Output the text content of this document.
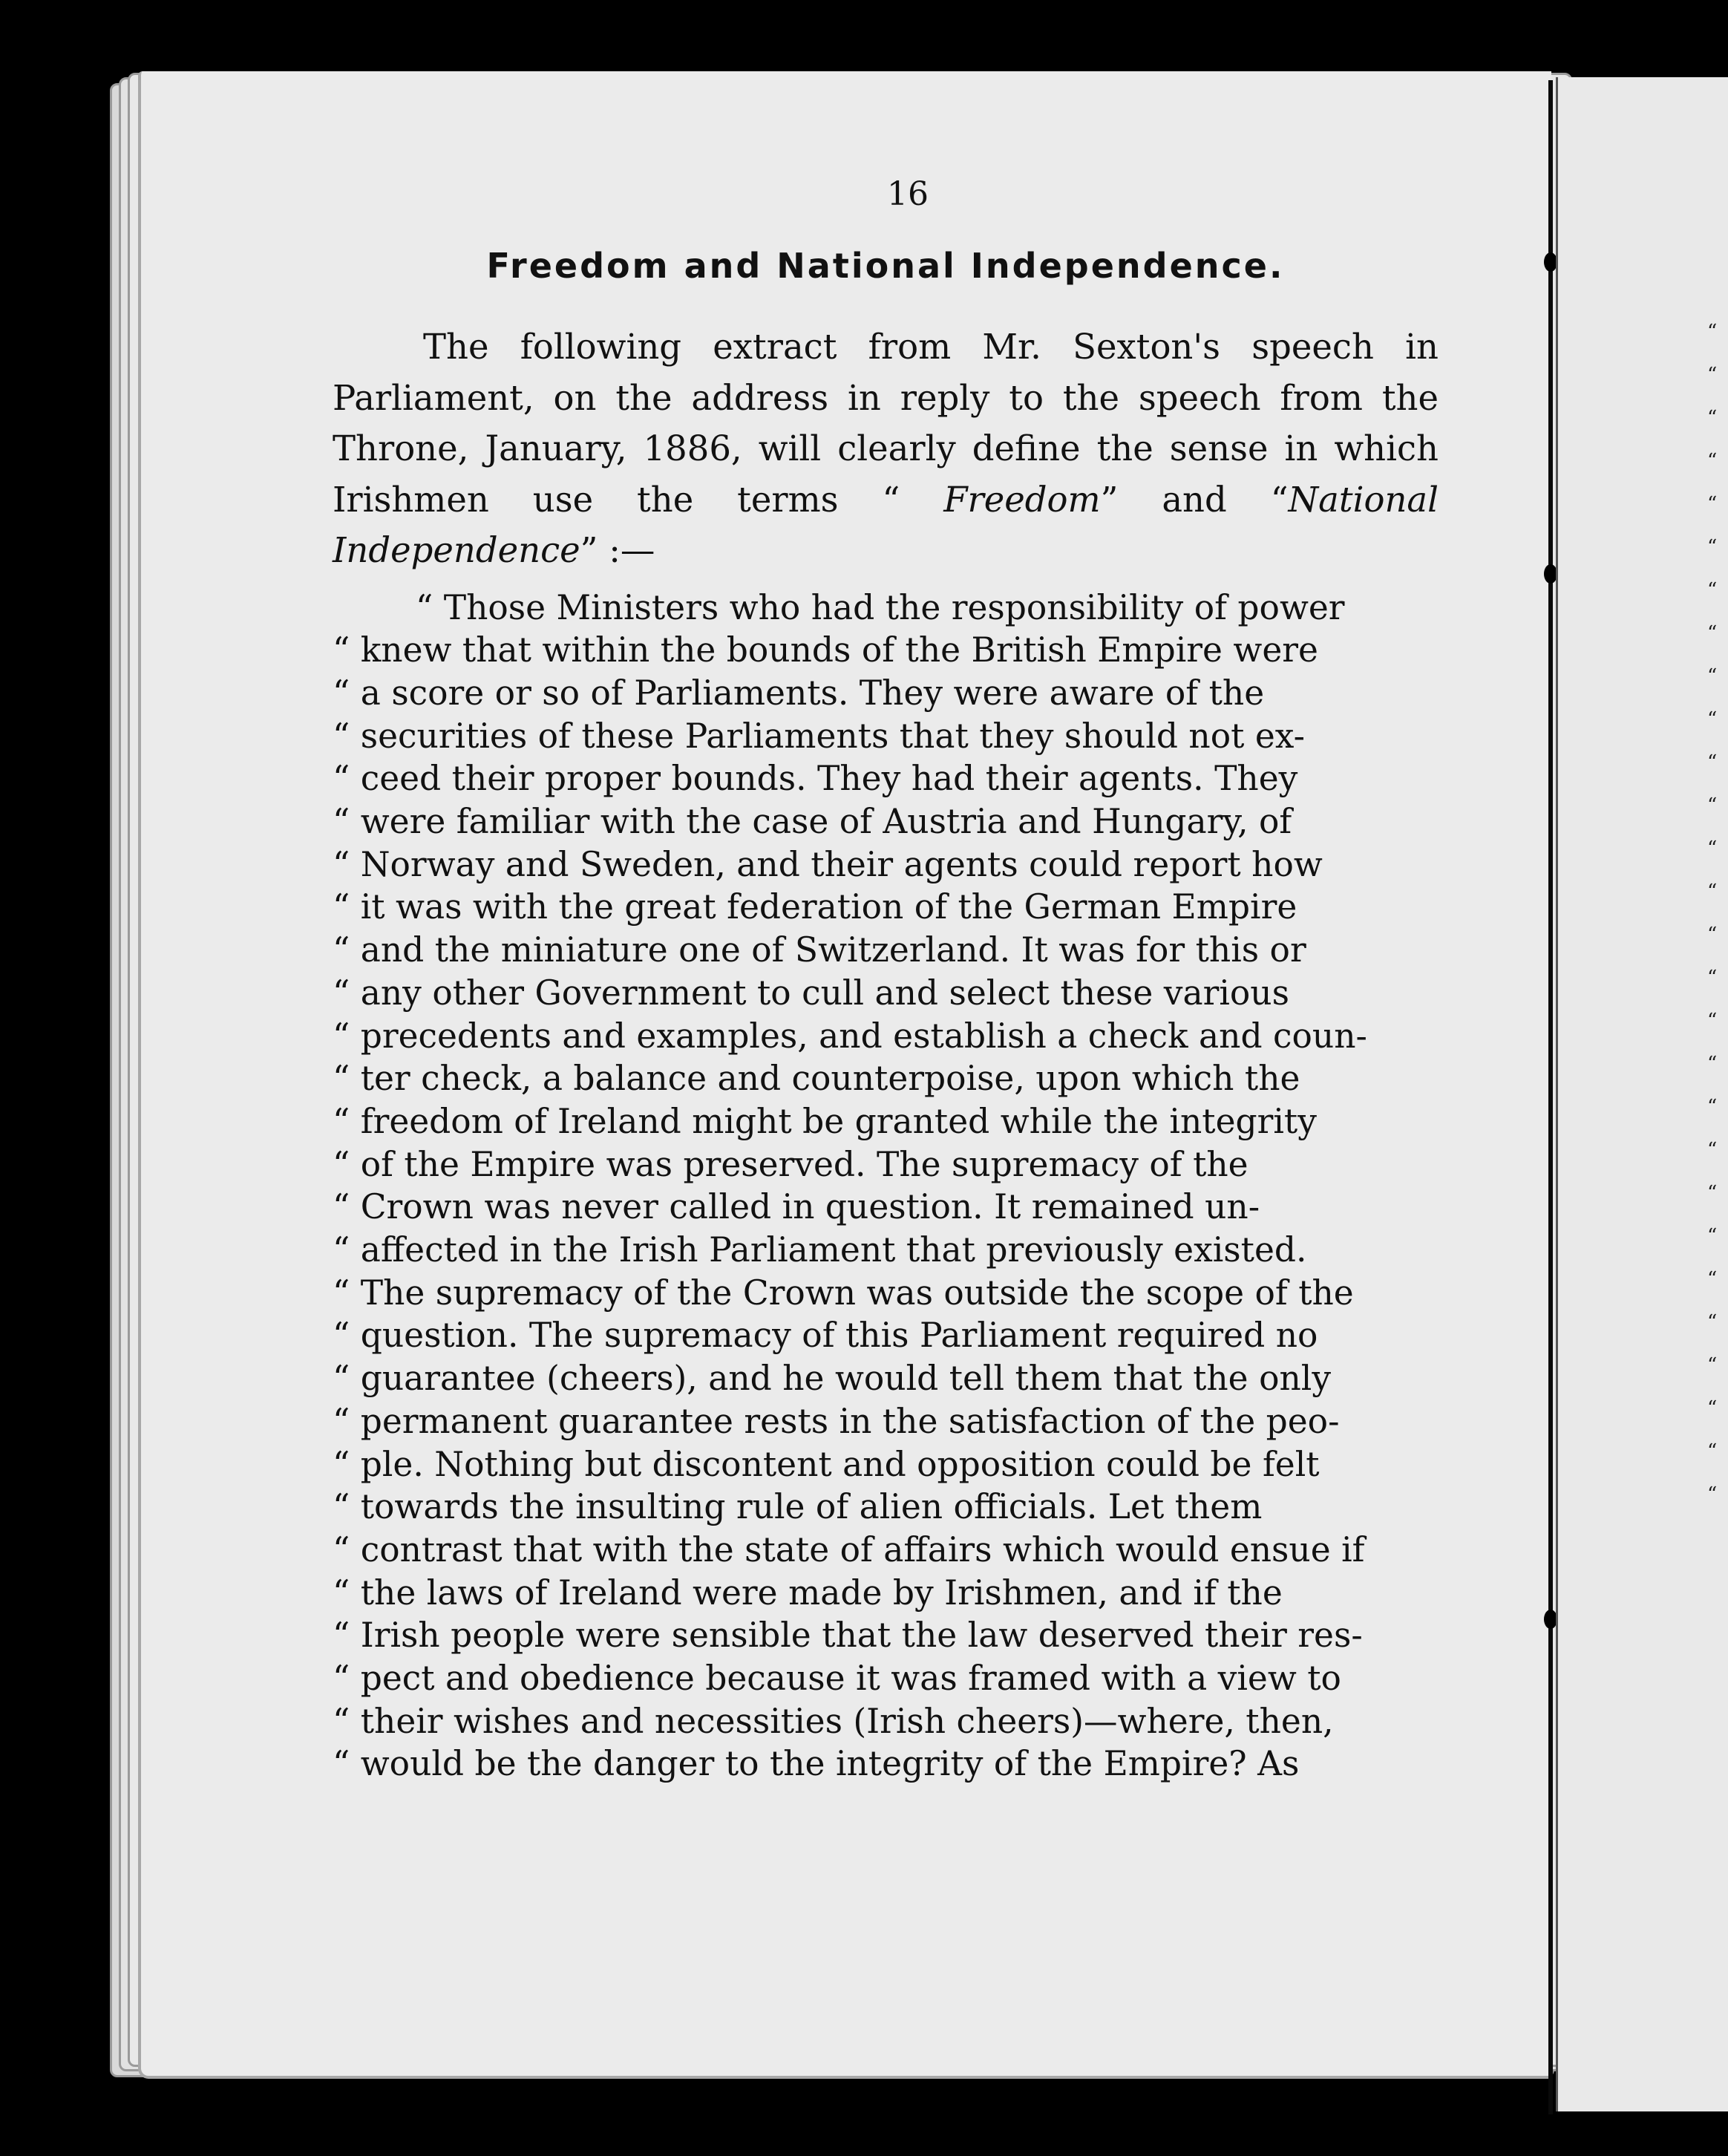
“
“
“
“
“
“
“
“
“
“
“
“
“
“
“
“
“
“
“
“
“
“
“
“
“
“
“
“
16
Freedom and National Independence.

The following extract from Mr. Sexton's speech in Parliament, on the address in reply to the speech from the Throne, January, 1886, will clearly define the sense in which Irishmen use the terms “ Freedom” and “National Independence” :—

“ Those Ministers who had the responsibility of power
“ knew that within the bounds of the British Empire were
“ a score or so of Parliaments. They were aware of the
“ securities of these Parliaments that they should not ex-
“ ceed their proper bounds. They had their agents. They
“ were familiar with the case of Austria and Hungary, of
“ Norway and Sweden, and their agents could report how
“ it was with the great federation of the German Empire
“ and the miniature one of Switzerland. It was for this or
“ any other Government to cull and select these various
“ precedents and examples, and establish a check and coun-
“ ter check, a balance and counterpoise, upon which the
“ freedom of Ireland might be granted while the integrity
“ of the Empire was preserved. The supremacy of the
“ Crown was never called in question. It remained un-
“ affected in the Irish Parliament that previously existed.
“ The supremacy of the Crown was outside the scope of the
“ question. The supremacy of this Parliament required no
“ guarantee (cheers), and he would tell them that the only
“ permanent guarantee rests in the satisfaction of the peo-
“ ple. Nothing but discontent and opposition could be felt
“ towards the insulting rule of alien officials. Let them
“ contrast that with the state of affairs which would ensue if
“ the laws of Ireland were made by Irishmen, and if the
“ Irish people were sensible that the law deserved their res-
“ pect and obedience because it was framed with a view to
“ their wishes and necessities (Irish cheers)—where, then,
“ would be the danger to the integrity of the Empire? As
